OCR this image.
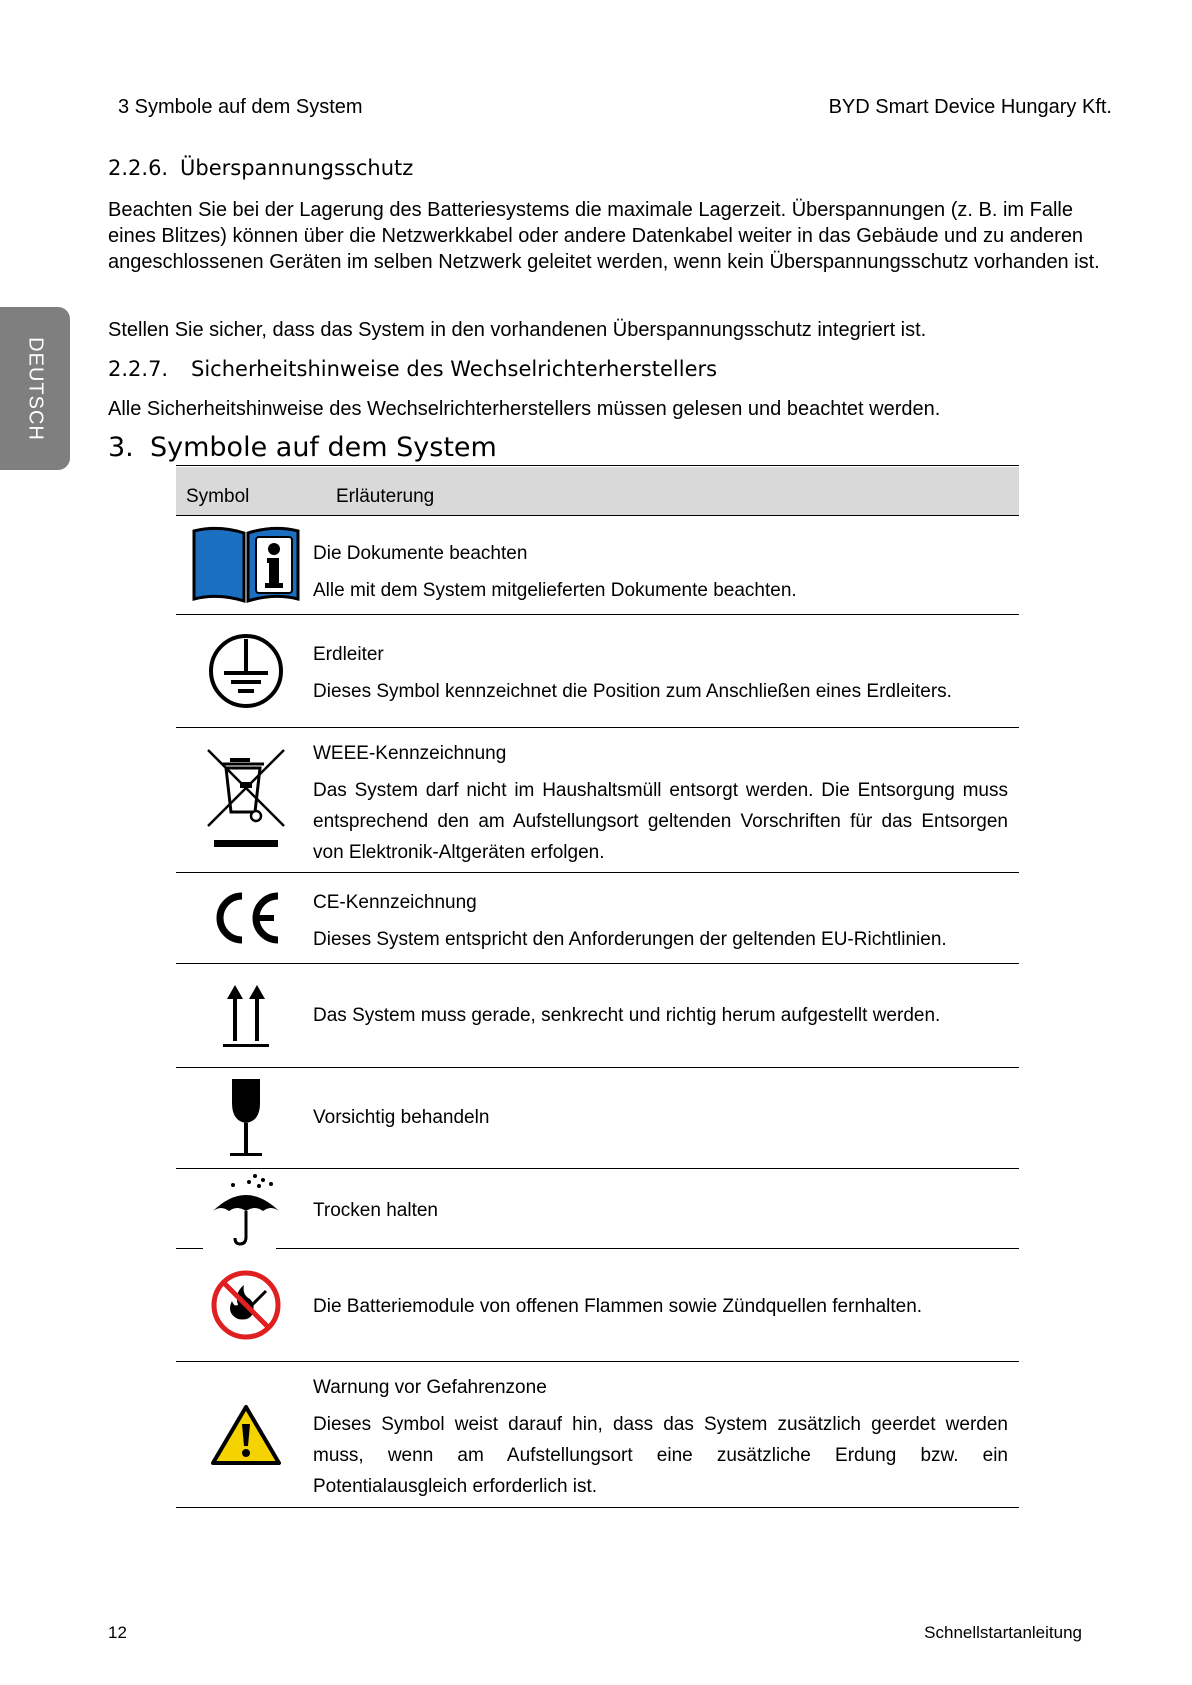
3 Symbole auf dem System	BYD Smart Device Hungary Kft.
DEUTSCH
2.2.6. Überspannungsschutz

Beachten Sie bei der Lagerung des Batteriesystems die maximale Lagerzeit. Überspannungen (z. B. im Falle eines Blitzes) können über die Netzwerkkabel oder andere Datenkabel weiter in das Gebäude und zu anderen angeschlossenen Geräten im selben Netzwerk geleitet werden, wenn kein Überspannungsschutz vorhanden ist.

Stellen Sie sicher, dass das System in den vorhandenen Überspannungsschutz integriert ist.

2.2.7. Sicherheitshinweise des Wechselrichterherstellers

Alle Sicherheitshinweise des Wechselrichterherstellers müssen gelesen und beachtet werden.

3. Symbole auf dem System
Symbol	Erläuterung
Die Dokumente beachten
Alle mit dem System mitgelieferten Dokumente beachten.
Erdleiter
Dieses Symbol kennzeichnet die Position zum Anschließen eines Erdleiters.
WEEE-Kennzeichnung
Das System darf nicht im Haushaltsmüll entsorgt werden. Die Entsorgung muss entsprechend den am Aufstellungsort geltenden Vorschriften für das Entsorgen von Elektronik-Altgeräten erfolgen.
CE-Kennzeichnung
Dieses System entspricht den Anforderungen der geltenden EU-Richtlinien.
Das System muss gerade, senkrecht und richtig herum aufgestellt werden.
Vorsichtig behandeln
Trocken halten
Die Batteriemodule von offenen Flammen sowie Zündquellen fernhalten.
Warnung vor Gefahrenzone
Dieses Symbol weist darauf hin, dass das System zusätzlich geerdet werden muss, wenn am Aufstellungsort eine zusätzliche Erdung bzw. ein Potentialausgleich erforderlich ist.
12	Schnellstartanleitung
